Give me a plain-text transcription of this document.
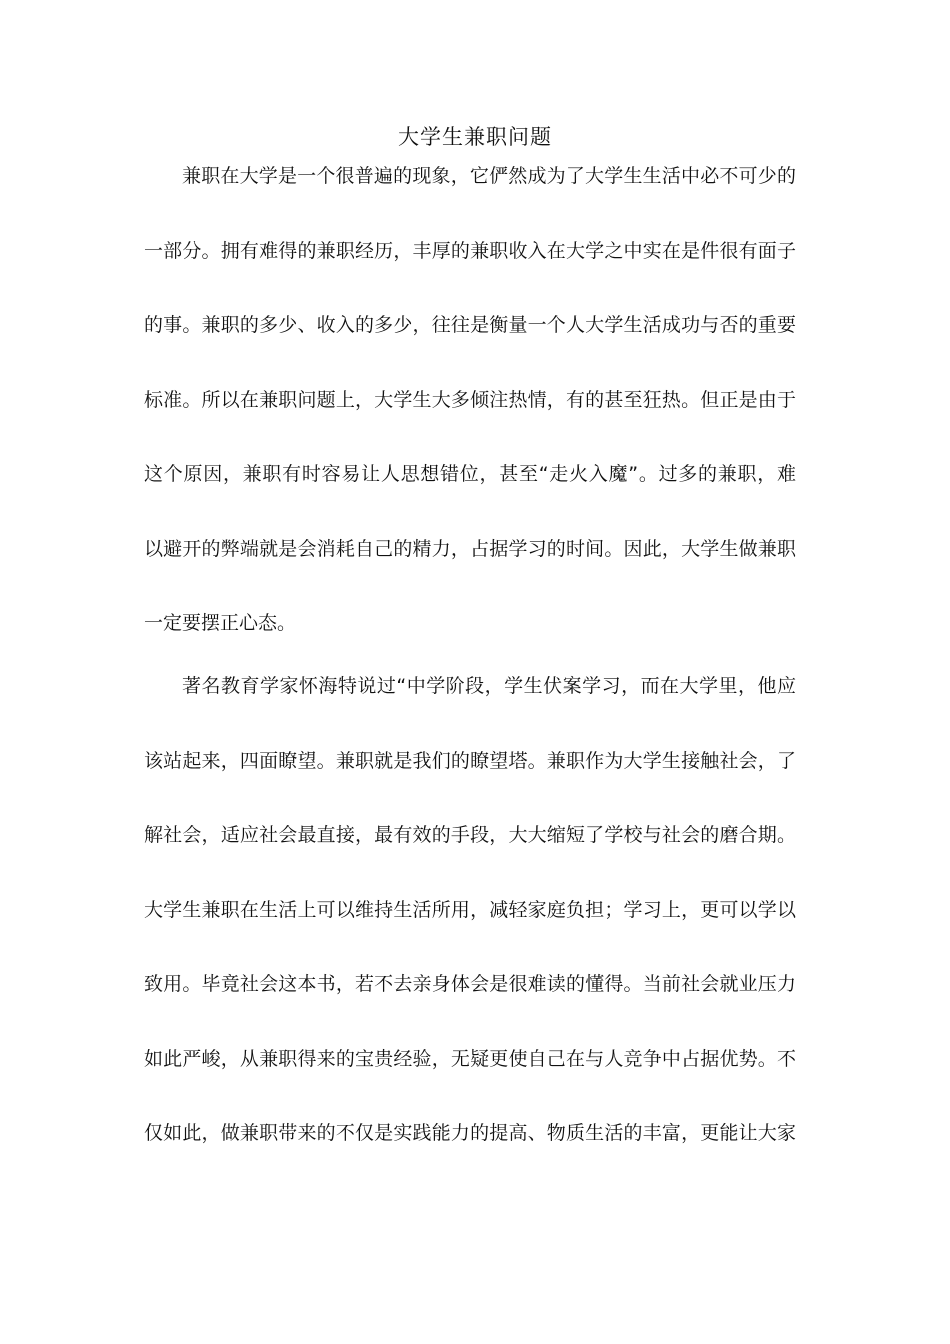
大学生兼职问题
兼职在大学是一个很普遍的现象，它俨然成为了大学生生活中必不可少的
一部分。拥有难得的兼职经历，丰厚的兼职收入在大学之中实在是件很有面子
的事。兼职的多少、收入的多少，往往是衡量一个人大学生活成功与否的重要
标准。所以在兼职问题上，大学生大多倾注热情，有的甚至狂热。但正是由于
这个原因，兼职有时容易让人思想错位，甚至“走火入魔”。过多的兼职，难
以避开的弊端就是会消耗自己的精力，占据学习的时间。因此，大学生做兼职
一定要摆正心态。
著名教育学家怀海特说过“中学阶段，学生伏案学习，而在大学里，他应
该站起来，四面瞭望。兼职就是我们的瞭望塔。兼职作为大学生接触社会，了
解社会，适应社会最直接，最有效的手段，大大缩短了学校与社会的磨合期。
大学生兼职在生活上可以维持生活所用，减轻家庭负担；学习上，更可以学以
致用。毕竟社会这本书，若不去亲身体会是很难读的懂得。当前社会就业压力
如此严峻，从兼职得来的宝贵经验，无疑更使自己在与人竞争中占据优势。不
仅如此，做兼职带来的不仅是实践能力的提高、物质生活的丰富，更能让大家
